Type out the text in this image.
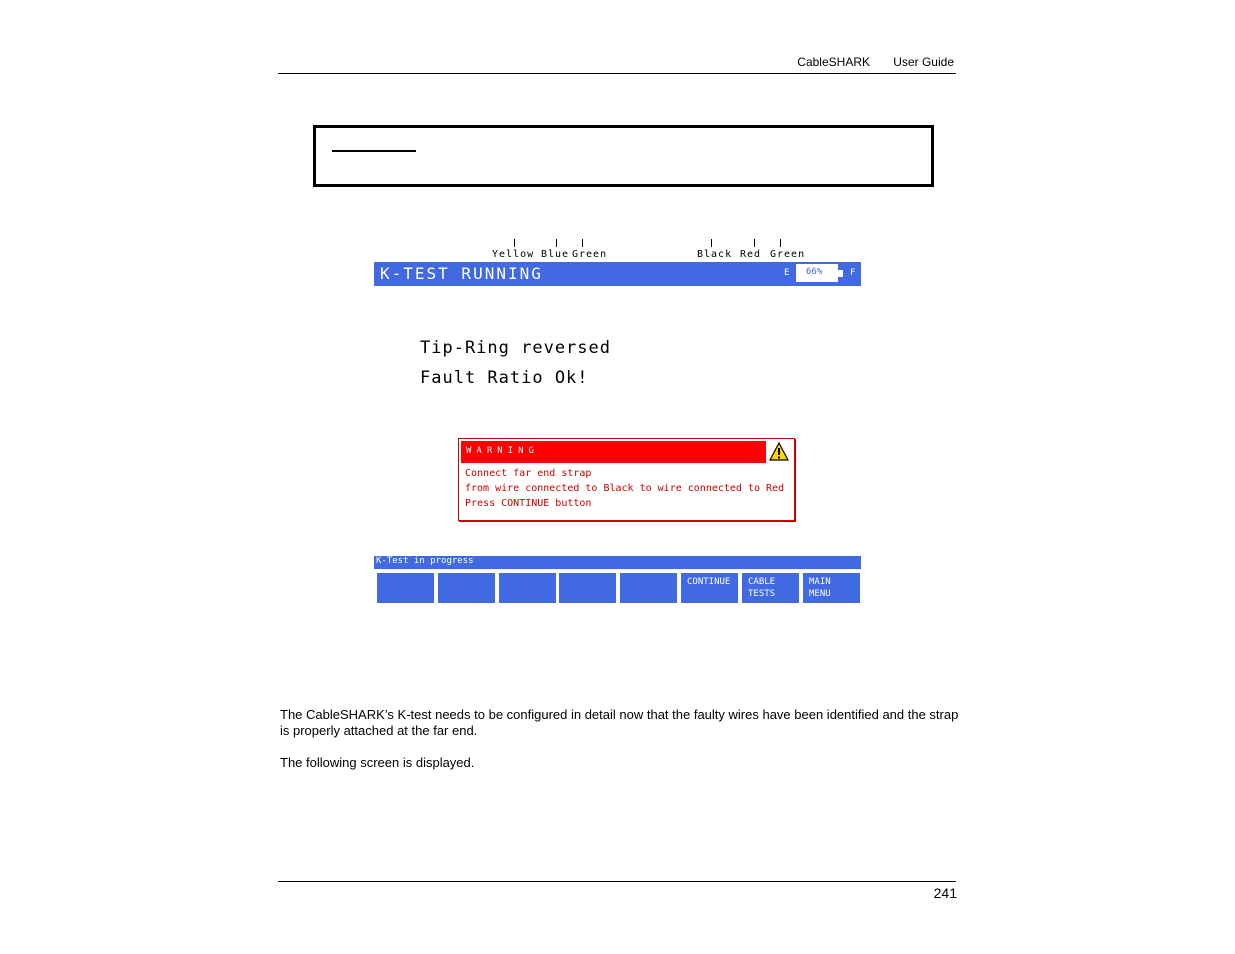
CableSHARK User Guide
Yellow Blue Green	Black Red Green
K-TEST RUNNING	E 66%	F
Tip-Ring reversed
Fault Ratio Ok!
WARNING
Connect far end strap
from wire connected to Black to wire connected to Red
Press CONTINUE button
K-Test in progress
CONTINUE CABLE
TESTS
MAIN
MENU

The CableSHARK’s K-test needs to be configured in detail now that the faulty wires have been identified and the strap is properly attached at the far end.

The following screen is displayed.

241
